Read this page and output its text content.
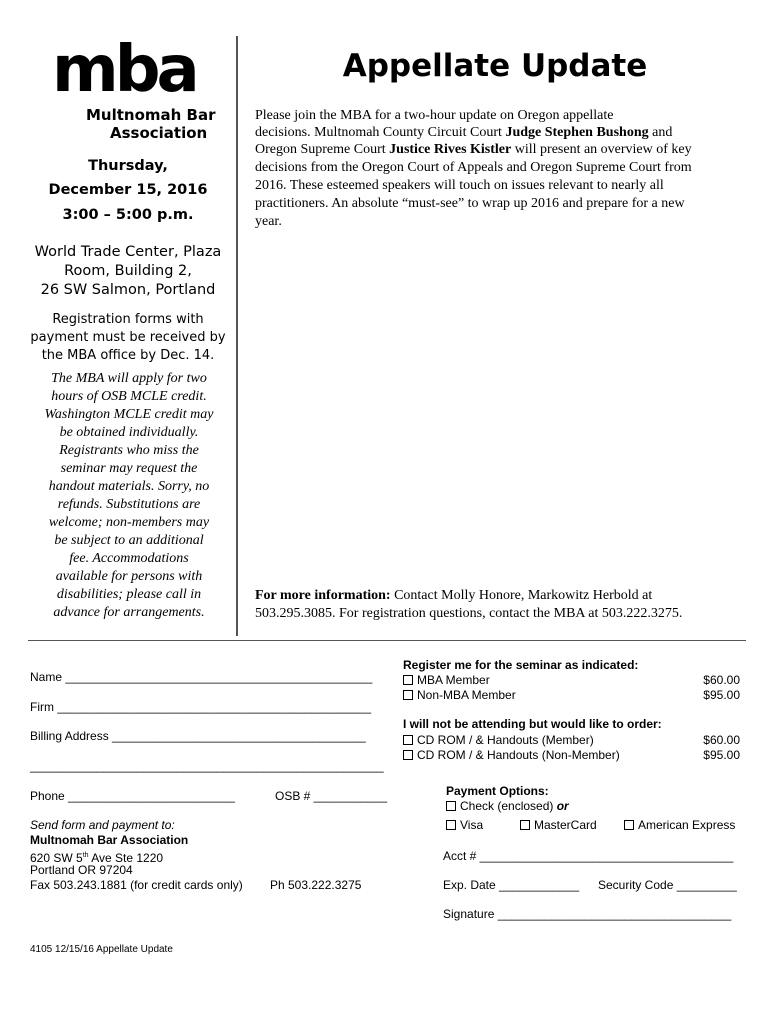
mba
Multnomah Bar
Association
Thursday,
December 15, 2016
3:00 – 5:00 p.m.
World Trade Center, Plaza
Room, Building 2,
26 SW Salmon, Portland
Registration forms with
payment must be received by
the MBA office by Dec. 14.
The MBA will apply for two
hours of OSB MCLE credit.
Washington MCLE credit may
be obtained individually.
Registrants who miss the
seminar may request the
handout materials. Sorry, no
refunds. Substitutions are
welcome; non-members may
be subject to an additional
fee. Accommodations
available for persons with
disabilities; please call in
advance for arrangements.
Appellate Update
Please join the MBA for a two-hour update on Oregon appellate
decisions. Multnomah County Circuit Court Judge Stephen Bushong and
Oregon Supreme Court Justice Rives Kistler will present an overview of key
decisions from the Oregon Court of Appeals and Oregon Supreme Court from
2016. These esteemed speakers will touch on issues relevant to nearly all
practitioners. An absolute “must-see” to wrap up 2016 and prepare for a new
year.
For more information: Contact Molly Honore, Markowitz Herbold at
503.295.3085. For registration questions, contact the MBA at 503.222.3275.
Name ______________________________________________
Firm _______________________________________________
Billing Address ______________________________________
_____________________________________________________
Phone _________________________	OSB # ___________
Send form and payment to:
Multnomah Bar Association
620 SW 5th Ave Ste 1220
Portland OR 97204
Fax 503.243.1881 (for credit cards only) Ph 503.222.3275
4105 12/15/16 Appellate Update
Register me for the seminar as indicated:
MBA Member	$60.00
Non-MBA Member	$95.00
I will not be attending but would like to order:
CD ROM / & Handouts (Member)	$60.00
CD ROM / & Handouts (Non-Member)	$95.00
Payment Options:
Check (enclosed) or
Visa	MasterCard	American Express
Acct # ______________________________________
Exp. Date ____________ Security Code _________
Signature ___________________________________
